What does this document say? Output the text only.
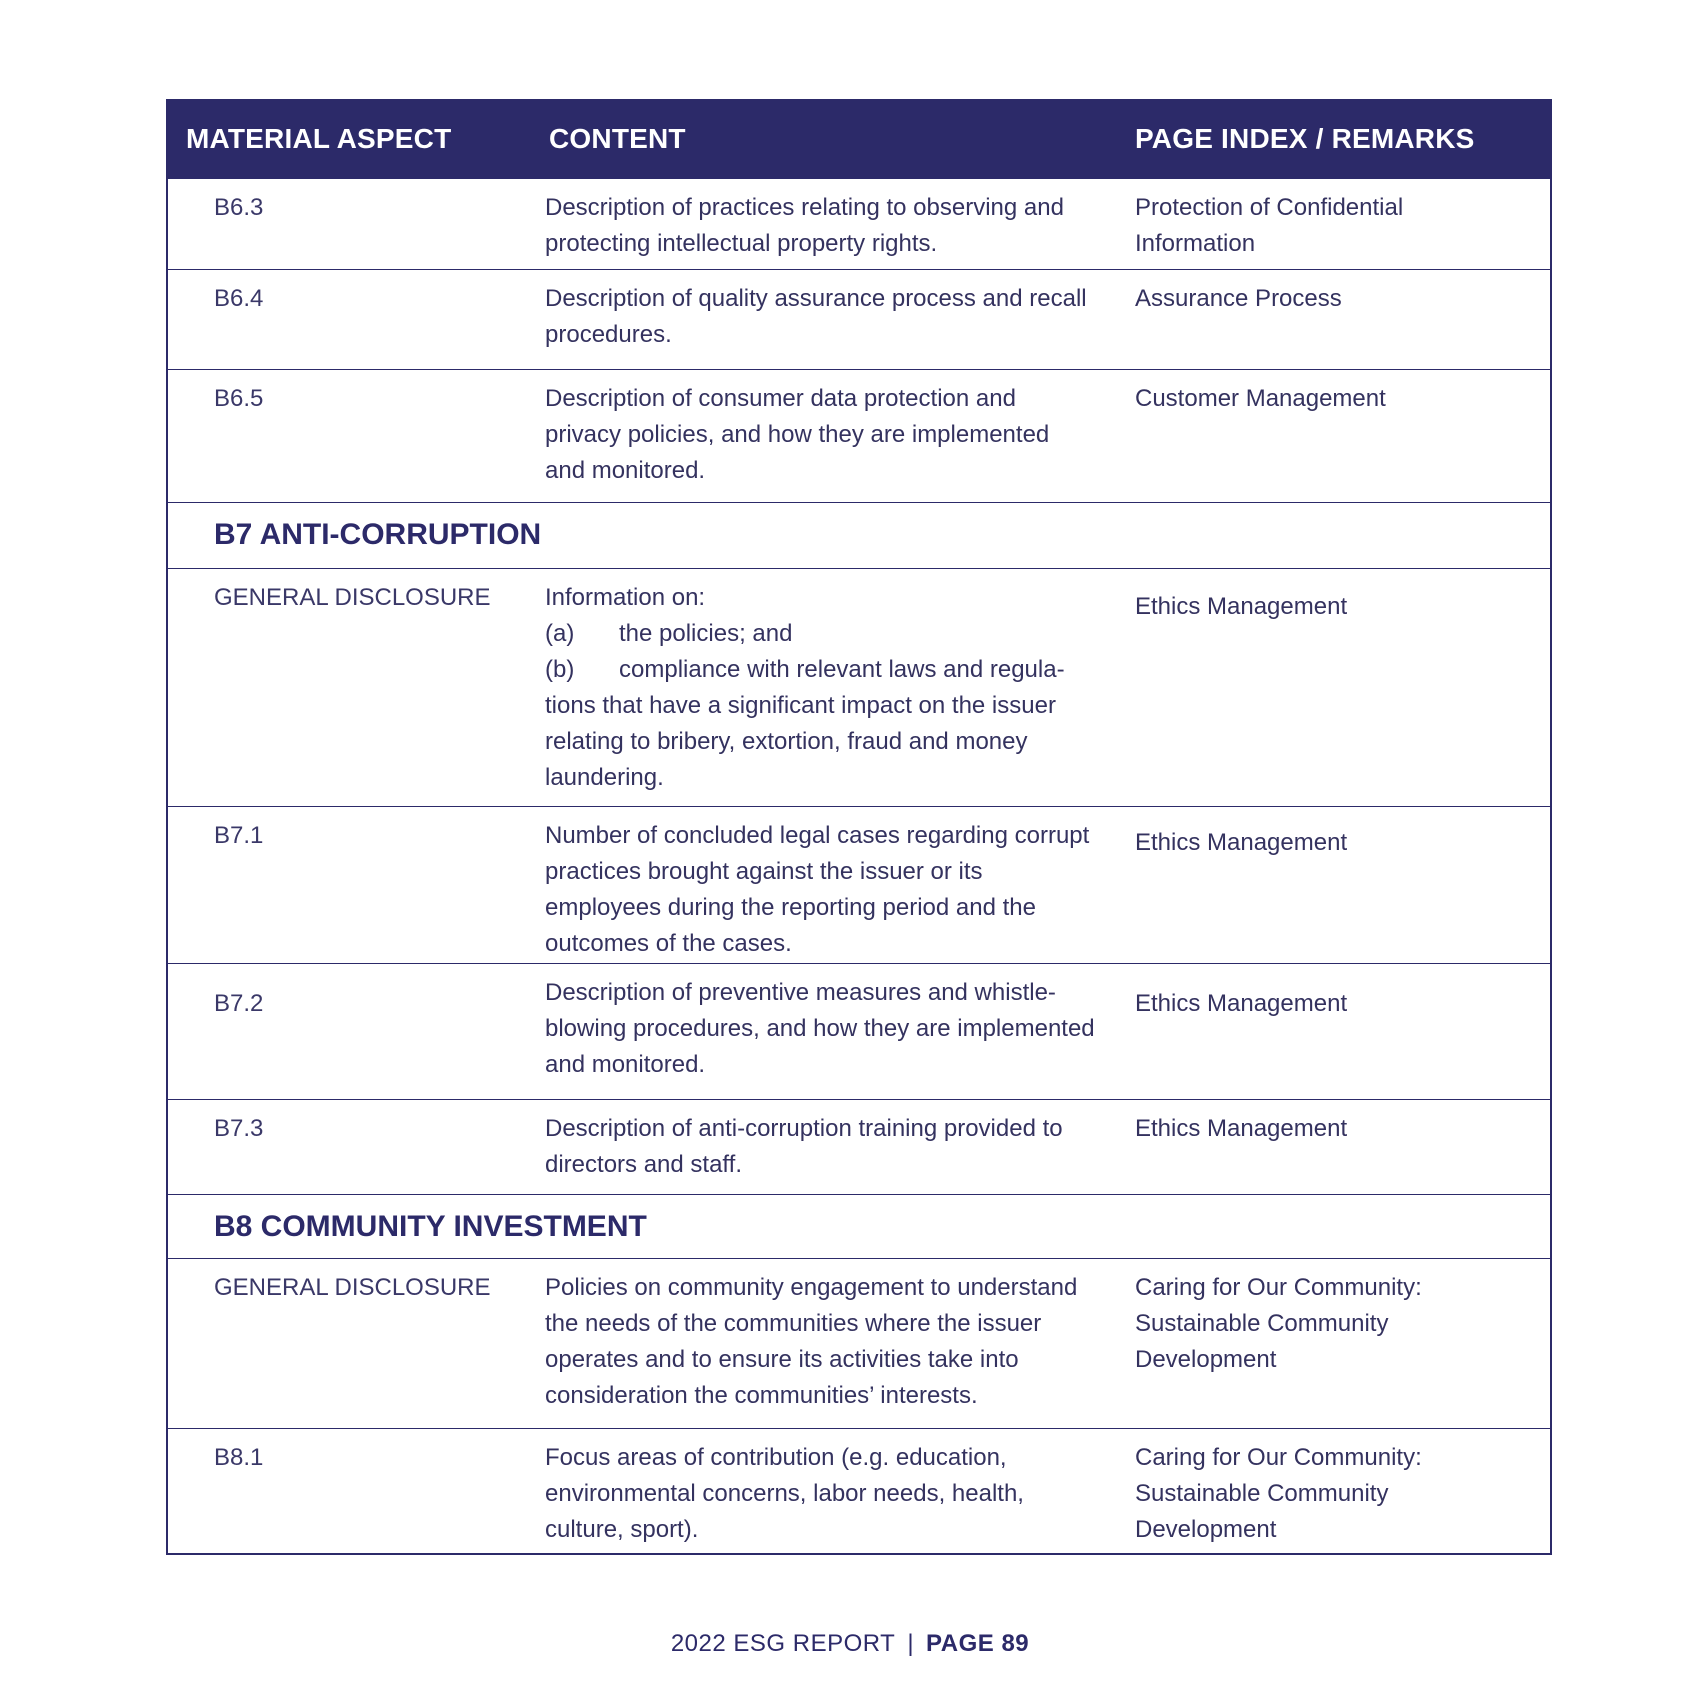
MATERIAL ASPECT	CONTENT	PAGE INDEX / REMARKS
B6.3	Description of practices relating to observing and protecting intellectual property rights.	Protection of Confidential Information
B6.4	Description of quality assurance process and recall procedures.	Assurance Process
B6.5	Description of consumer data protection and privacy policies, and how they are implemented and monitored.	Customer Management
B7 ANTI-CORRUPTION		
GENERAL DISCLOSURE	Information on:
(a) the policies; and
(b) compliance with relevant laws and regula-
tions that have a significant impact on the issuer relating to bribery, extortion, fraud and money laundering.	Ethics Management
B7.1	Number of concluded legal cases regarding corrupt practices brought against the issuer or its employees during the reporting period and the outcomes of the cases.	Ethics Management
B7.2	Description of preventive measures and whistle-blowing procedures, and how they are implemented and monitored.	Ethics Management
B7.3	Description of anti-corruption training provided to directors and staff.	Ethics Management
B8 COMMUNITY INVESTMENT		
GENERAL DISCLOSURE	Policies on community engagement to understand the needs of the communities where the issuer operates and to ensure its activities take into consideration the communities’ interests.	Caring for Our Community: Sustainable Community Development
B8.1	Focus areas of contribution (e.g. education, environmental concerns, labor needs, health, culture, sport).	Caring for Our Community: Sustainable Community Development
2022 ESG REPORT | PAGE 89
